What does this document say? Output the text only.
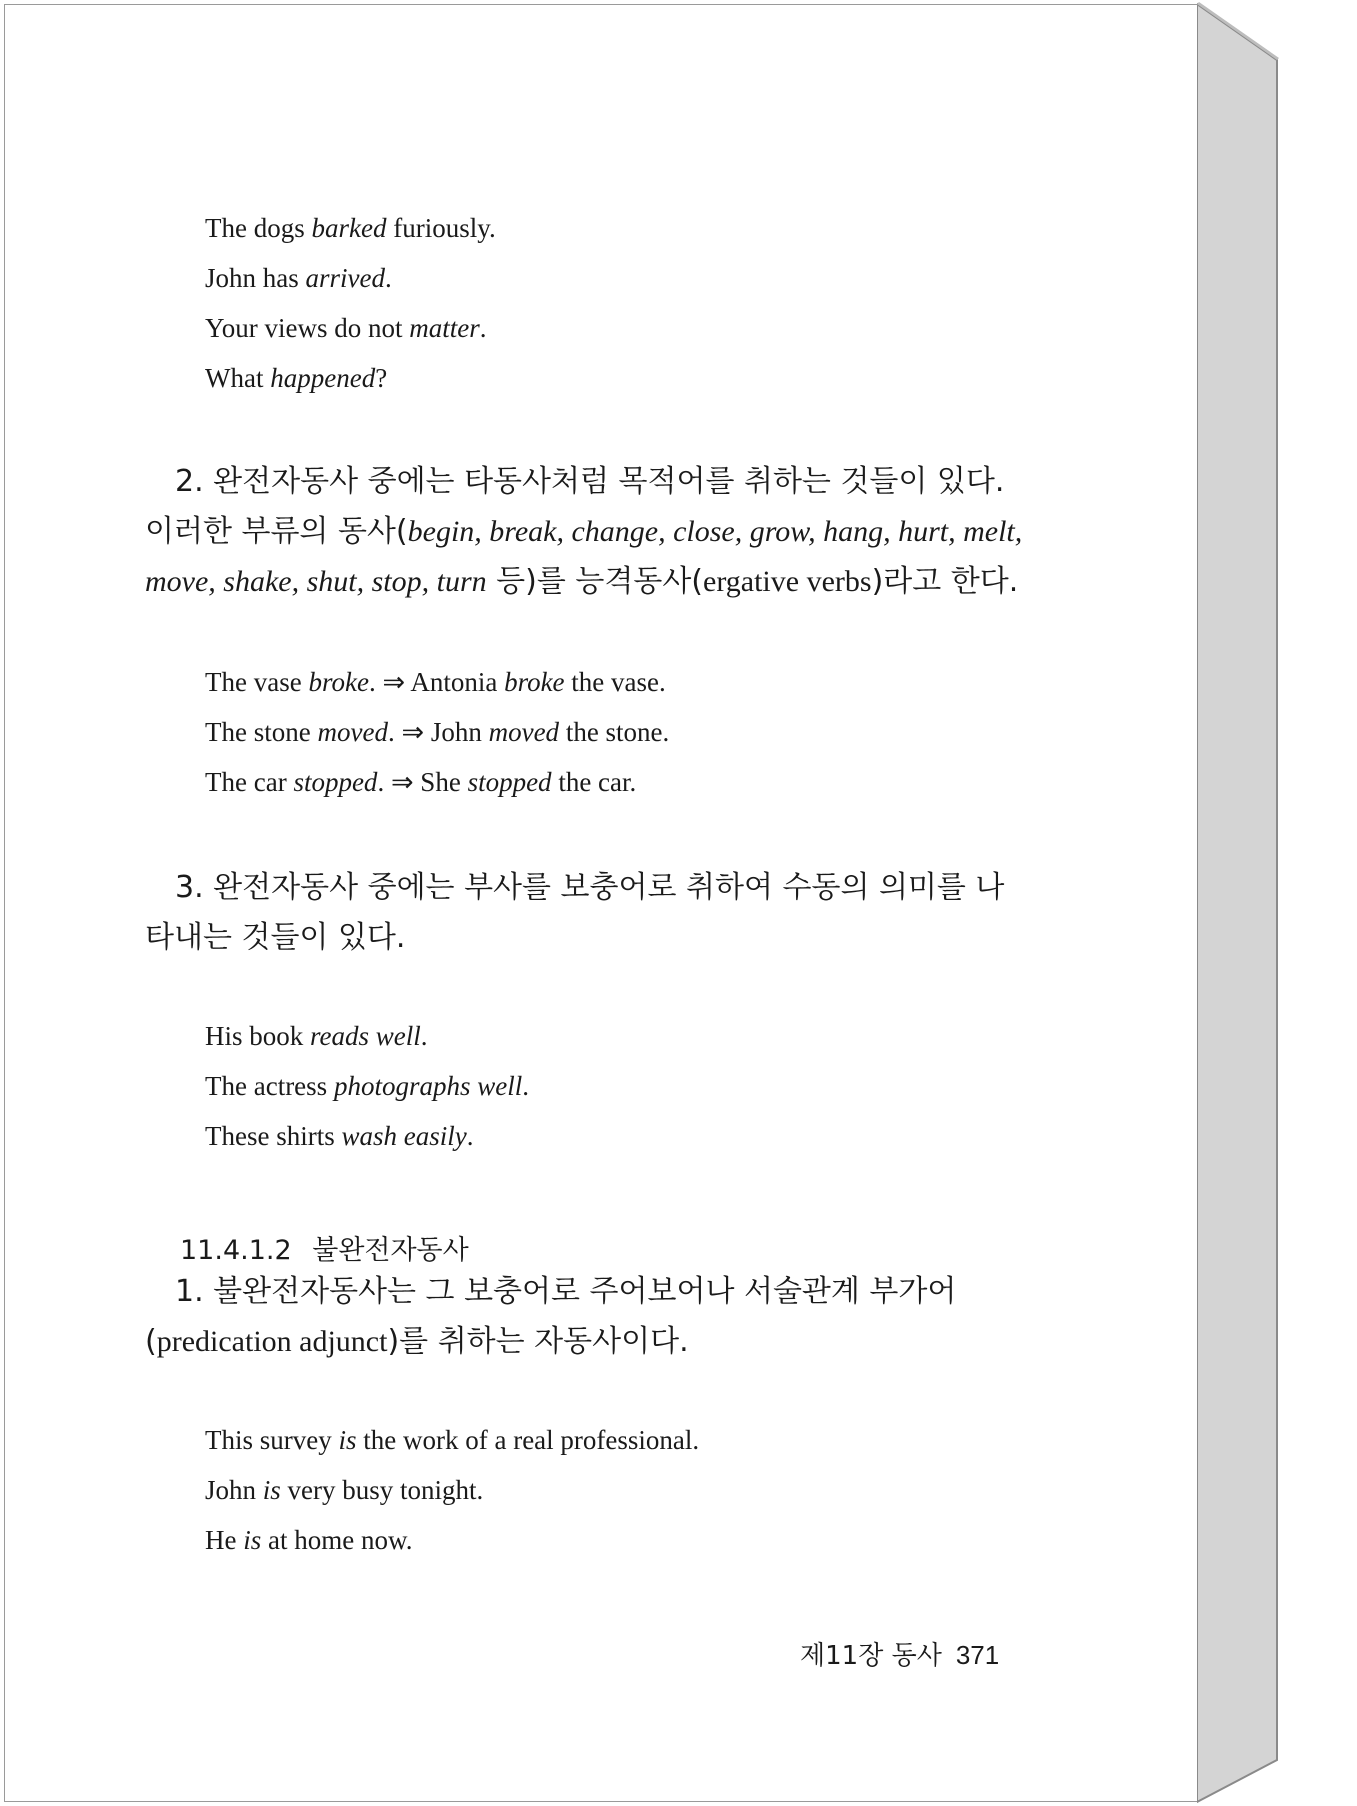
The dogs barked furiously.
John has arrived.
Your views do not matter.
What happened?
2. 완전자동사 중에는 타동사처럼 목적어를 취하는 것들이 있다. 이러한 부류의 동사(begin, break, change, close, grow, hang, hurt, melt, move, shake, shut, stop, turn 등)를 능격동사(ergative verbs)라고 한다.
The vase broke. ⇒ Antonia broke the vase.
The stone moved. ⇒ John moved the stone.
The car stopped. ⇒ She stopped the car.
3. 완전자동사 중에는 부사를 보충어로 취하여 수동의 의미를 나타내는 것들이 있다.
His book reads well.
The actress photographs well.
These shirts wash easily.
11.4.1.2 불완전자동사
1. 불완전자동사는 그 보충어로 주어보어나 서술관계 부가어(predication adjunct)를 취하는 자동사이다.
This survey is the work of a real professional.
John is very busy tonight.
He is at home now.
제11장 동사 371
